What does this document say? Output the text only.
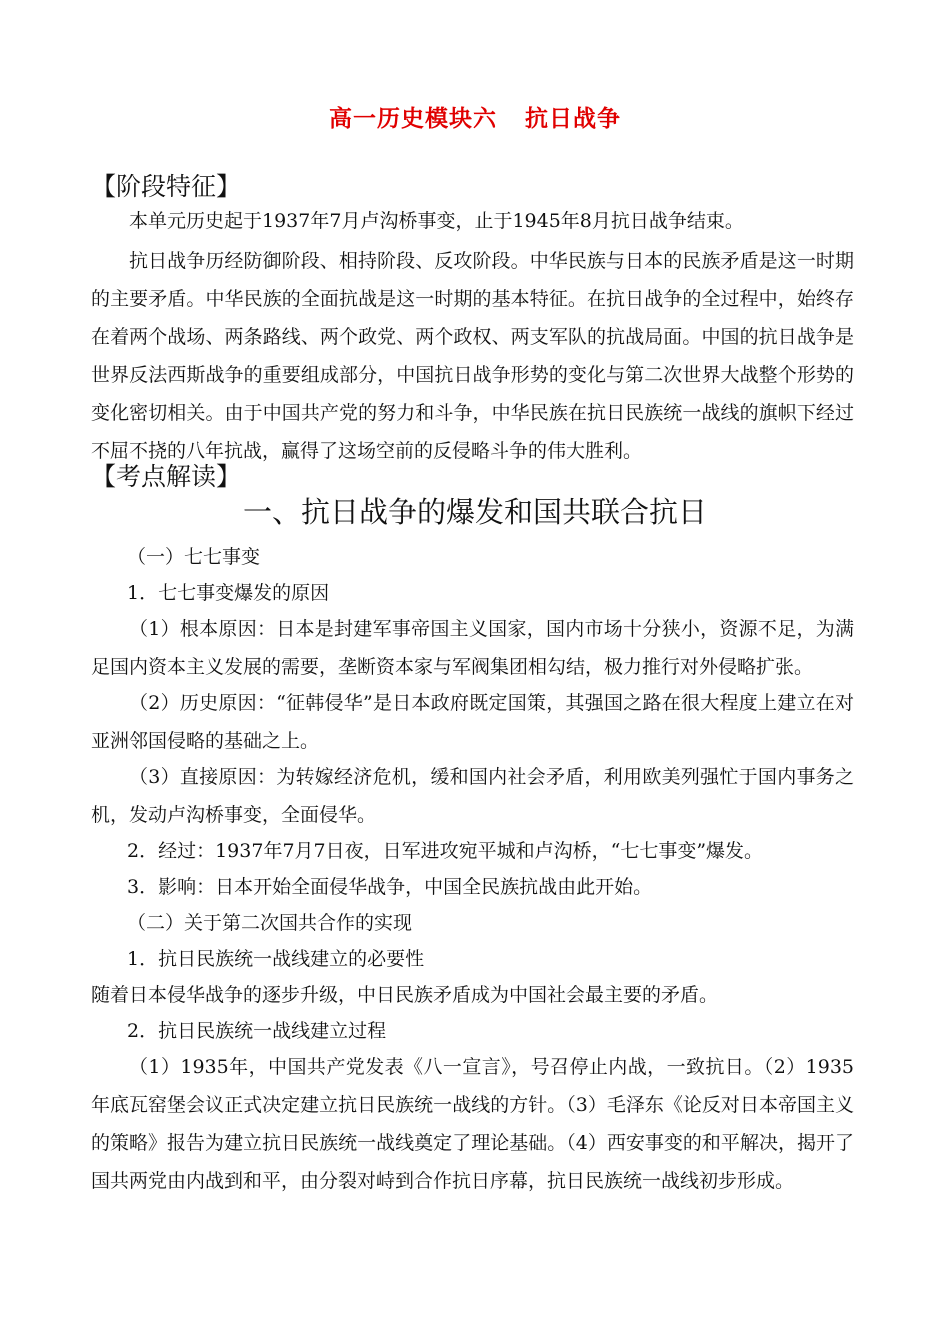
高一历史模块六 抗日战争
【阶段特征】
本单元历史起于1937年7月卢沟桥事变，止于1945年8月抗日战争结束。
抗日战争历经防御阶段、相持阶段、反攻阶段。中华民族与日本的民族矛盾是这一时期的主要矛盾。中华民族的全面抗战是这一时期的基本特征。在抗日战争的全过程中，始终存在着两个战场、两条路线、两个政党、两个政权、两支军队的抗战局面。中国的抗日战争是世界反法西斯战争的重要组成部分，中国抗日战争形势的变化与第二次世界大战整个形势的变化密切相关。由于中国共产党的努力和斗争，中华民族在抗日民族统一战线的旗帜下经过不屈不挠的八年抗战，赢得了这场空前的反侵略斗争的伟大胜利。
【考点解读】
一、抗日战争的爆发和国共联合抗日
（一）七七事变
1．七七事变爆发的原因
（1）根本原因：日本是封建军事帝国主义国家，国内市场十分狭小，资源不足，为满足国内资本主义发展的需要，垄断资本家与军阀集团相勾结，极力推行对外侵略扩张。
（2）历史原因：“征韩侵华”是日本政府既定国策，其强国之路在很大程度上建立在对亚洲邻国侵略的基础之上。
（3）直接原因：为转嫁经济危机，缓和国内社会矛盾，利用欧美列强忙于国内事务之机，发动卢沟桥事变，全面侵华。
2．经过：1937年7月7日夜，日军进攻宛平城和卢沟桥，“七七事变”爆发。
3．影响：日本开始全面侵华战争，中国全民族抗战由此开始。
（二）关于第二次国共合作的实现
1．抗日民族统一战线建立的必要性
随着日本侵华战争的逐步升级，中日民族矛盾成为中国社会最主要的矛盾。
2．抗日民族统一战线建立过程
（1）1935年，中国共产党发表《八一宣言》，号召停止内战，一致抗日。（2）1935年底瓦窑堡会议正式决定建立抗日民族统一战线的方针。（3）毛泽东《论反对日本帝国主义的策略》报告为建立抗日民族统一战线奠定了理论基础。（4）西安事变的和平解决，揭开了国共两党由内战到和平，由分裂对峙到合作抗日序幕，抗日民族统一战线初步形成。
